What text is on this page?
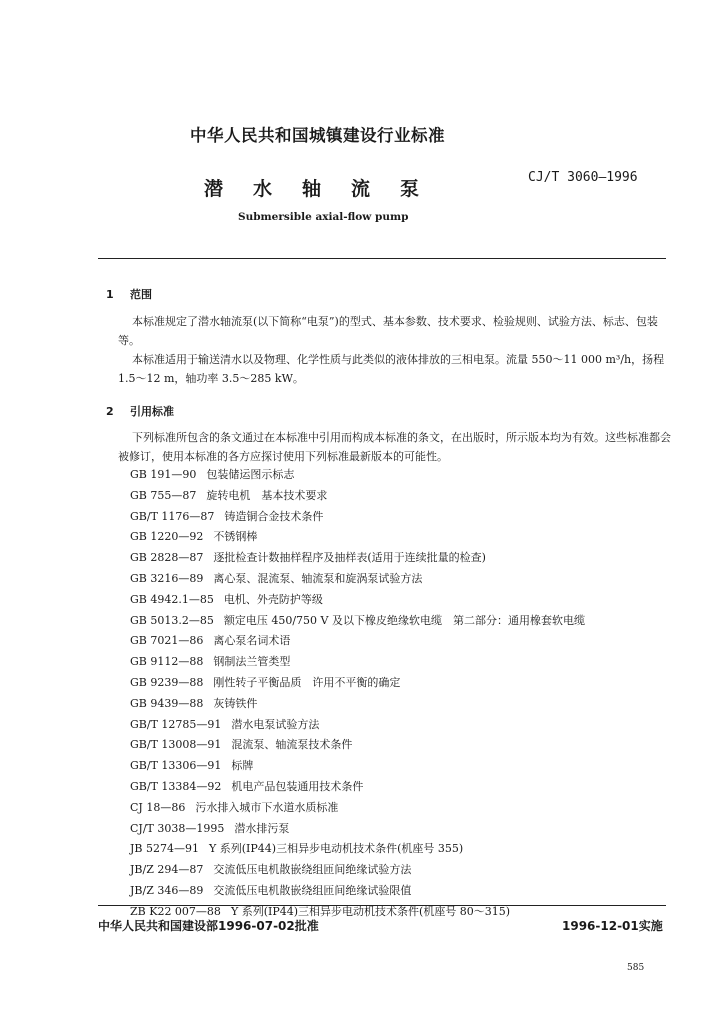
中华人民共和国城镇建设行业标准
潜水轴流泵
CJ/T 3060—1996
Submersible axial-flow pump
1 范围
本标准规定了潜水轴流泵(以下简称“电泵”)的型式、基本参数、技术要求、检验规则、试验方法、标志、包装等。
本标准适用于输送清水以及物理、化学性质与此类似的液体排放的三相电泵。流量 550～11 000 m³/h，扬程 1.5～12 m，轴功率 3.5～285 kW。
2 引用标准
下列标准所包含的条文通过在本标准中引用而构成本标准的条文，在出版时，所示版本均为有效。这些标准都会被修订，使用本标准的各方应探讨使用下列标准最新版本的可能性。
GB 191—90 包装储运图示标志
GB 755—87 旋转电机　基本技术要求
GB/T 1176—87 铸造铜合金技术条件
GB 1220—92 不锈钢棒
GB 2828—87 逐批检查计数抽样程序及抽样表(适用于连续批量的检查)
GB 3216—89 离心泵、混流泵、轴流泵和旋涡泵试验方法
GB 4942.1—85 电机、外壳防护等级
GB 5013.2—85 额定电压 450/750 V 及以下橡皮绝缘软电缆　第二部分：通用橡套软电缆
GB 7021—86 离心泵名词术语
GB 9112—88 钢制法兰管类型
GB 9239—88 刚性转子平衡品质　许用不平衡的确定
GB 9439—88 灰铸铁件
GB/T 12785—91 潜水电泵试验方法
GB/T 13008—91 混流泵、轴流泵技术条件
GB/T 13306—91 标牌
GB/T 13384—92 机电产品包装通用技术条件
CJ 18—86 污水排入城市下水道水质标准
CJ/T 3038—1995 潜水排污泵
JB 5274—91 Y 系列(IP44)三相异步电动机技术条件(机座号 355)
JB/Z 294—87 交流低压电机散嵌绕组匝间绝缘试验方法
JB/Z 346—89 交流低压电机散嵌绕组匝间绝缘试验限值
ZB K22 007—88 Y 系列(IP44)三相异步电动机技术条件(机座号 80～315)
中华人民共和国建设部1996-07-02批准	1996-12-01实施
585
